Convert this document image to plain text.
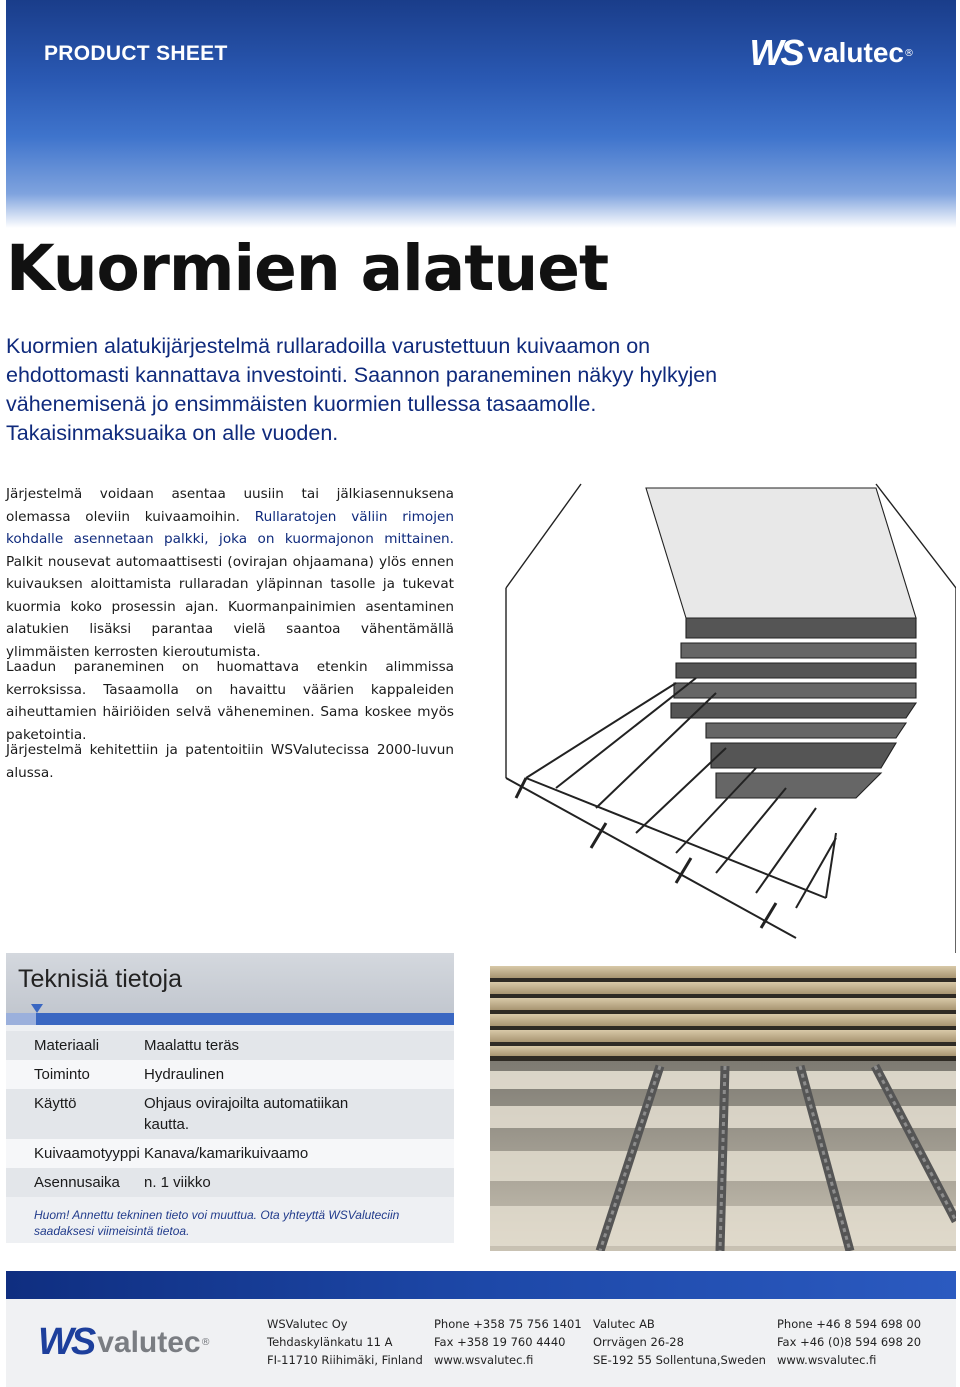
PRODUCT SHEET	WS valutec ®
Kuormien alatuet

Kuormien alatukijärjestelmä rullaradoilla varustettuun kuivaamon on ehdottomasti kannattava investointi. Saannon paraneminen näkyy hylkyjen vähenemisenä jo ensimmäisten kuormien tullessa tasaamolle. Takaisinmaksuaika on alle vuoden.

Järjestelmä voidaan asentaa uusiin tai jälkiasennuksena olemassa oleviin kuivaamoihin. Rullaratojen väliin rimojen kohdalle asennetaan palkki, joka on kuormajonon mittainen. Palkit nousevat automaattisesti (ovirajan ohjaamana) ylös ennen kuivauksen aloittamista rullaradan yläpinnan tasolle ja tukevat kuormia koko prosessin ajan. Kuormanpainimien asentaminen alatukien lisäksi parantaa vielä saantoa vähentämällä ylimmäisten kerrosten kieroutumista.

Laadun paraneminen on huomattava etenkin alimmissa kerroksissa. Tasaamolla on havaittu väärien kappaleiden aiheuttamien häiriöiden selvä väheneminen. Sama koskee myös paketointia.

Järjestelmä kehitettiin ja patentoitiin WSValutecissa 2000-luvun alussa.

Teknisiä tietoja
Materiaali	Maalattu teräs
Toiminto	Hydraulinen
Käyttö	Ohjaus ovirajoilta automatiikan kautta.
Kuivaamotyyppi Kanava/kamarikuivaamo
Asennusaika	n. 1 viikko
Huom! Annettu tekninen tieto voi muuttua. Ota yhteyttä WSValuteciin saadaksesi viimeisintä tietoa.
WS valutec ®
WSValutec Oy
Tehdaskylänkatu 11 A
FI-11710 Riihimäki, Finland
Phone +358 75 756 1401
Fax +358 19 760 4440
www.wsvalutec.fi
Valutec AB
Orrvägen 26-28
SE-192 55 Sollentuna,Sweden
Phone +46 8 594 698 00
Fax +46 (0)8 594 698 20
www.wsvalutec.fi
